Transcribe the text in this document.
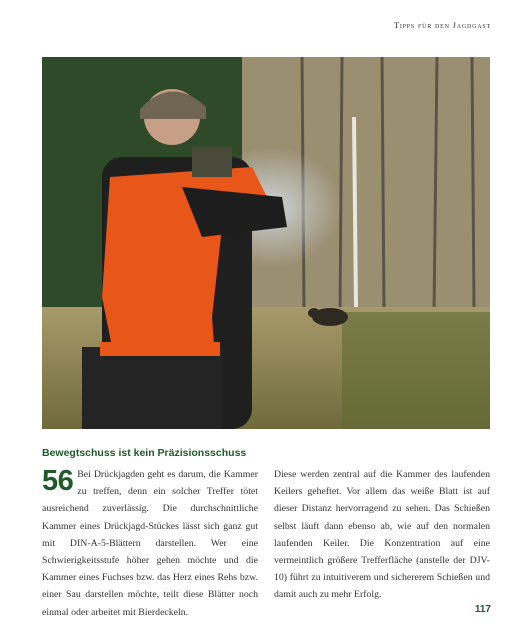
Tipps für den Jagdgast
Bewegtschuss ist kein Präzisionsschuss
56 Bei Drückjagden geht es darum, die Kammer zu treffen, denn ein solcher Treffer tötet ausreichend zuverlässig. Die durchschnittliche Kammer eines Drückjagd-Stückes lässt sich ganz gut mit DIN-A-5-Blättern darstellen. Wer eine Schwierigkeitsstufe höher gehen möchte und die Kammer eines Fuchses bzw. das Herz eines Rehs bzw. einer Sau darstellen möchte, teilt diese Blätter noch einmal oder arbeitet mit Bierdeckeln.
Diese werden zentral auf die Kammer des laufenden Keilers geheftet. Vor allem das weiße Blatt ist auf dieser Distanz hervorragend zu sehen. Das Schießen selbst läuft dann ebenso ab, wie auf den normalen laufenden Keiler. Die Konzentration auf eine vermeintlich größere Trefferfläche (anstelle der DJV-10) führt zu intuitiverem und sichererem Schießen und damit auch zu mehr Erfolg.
117
